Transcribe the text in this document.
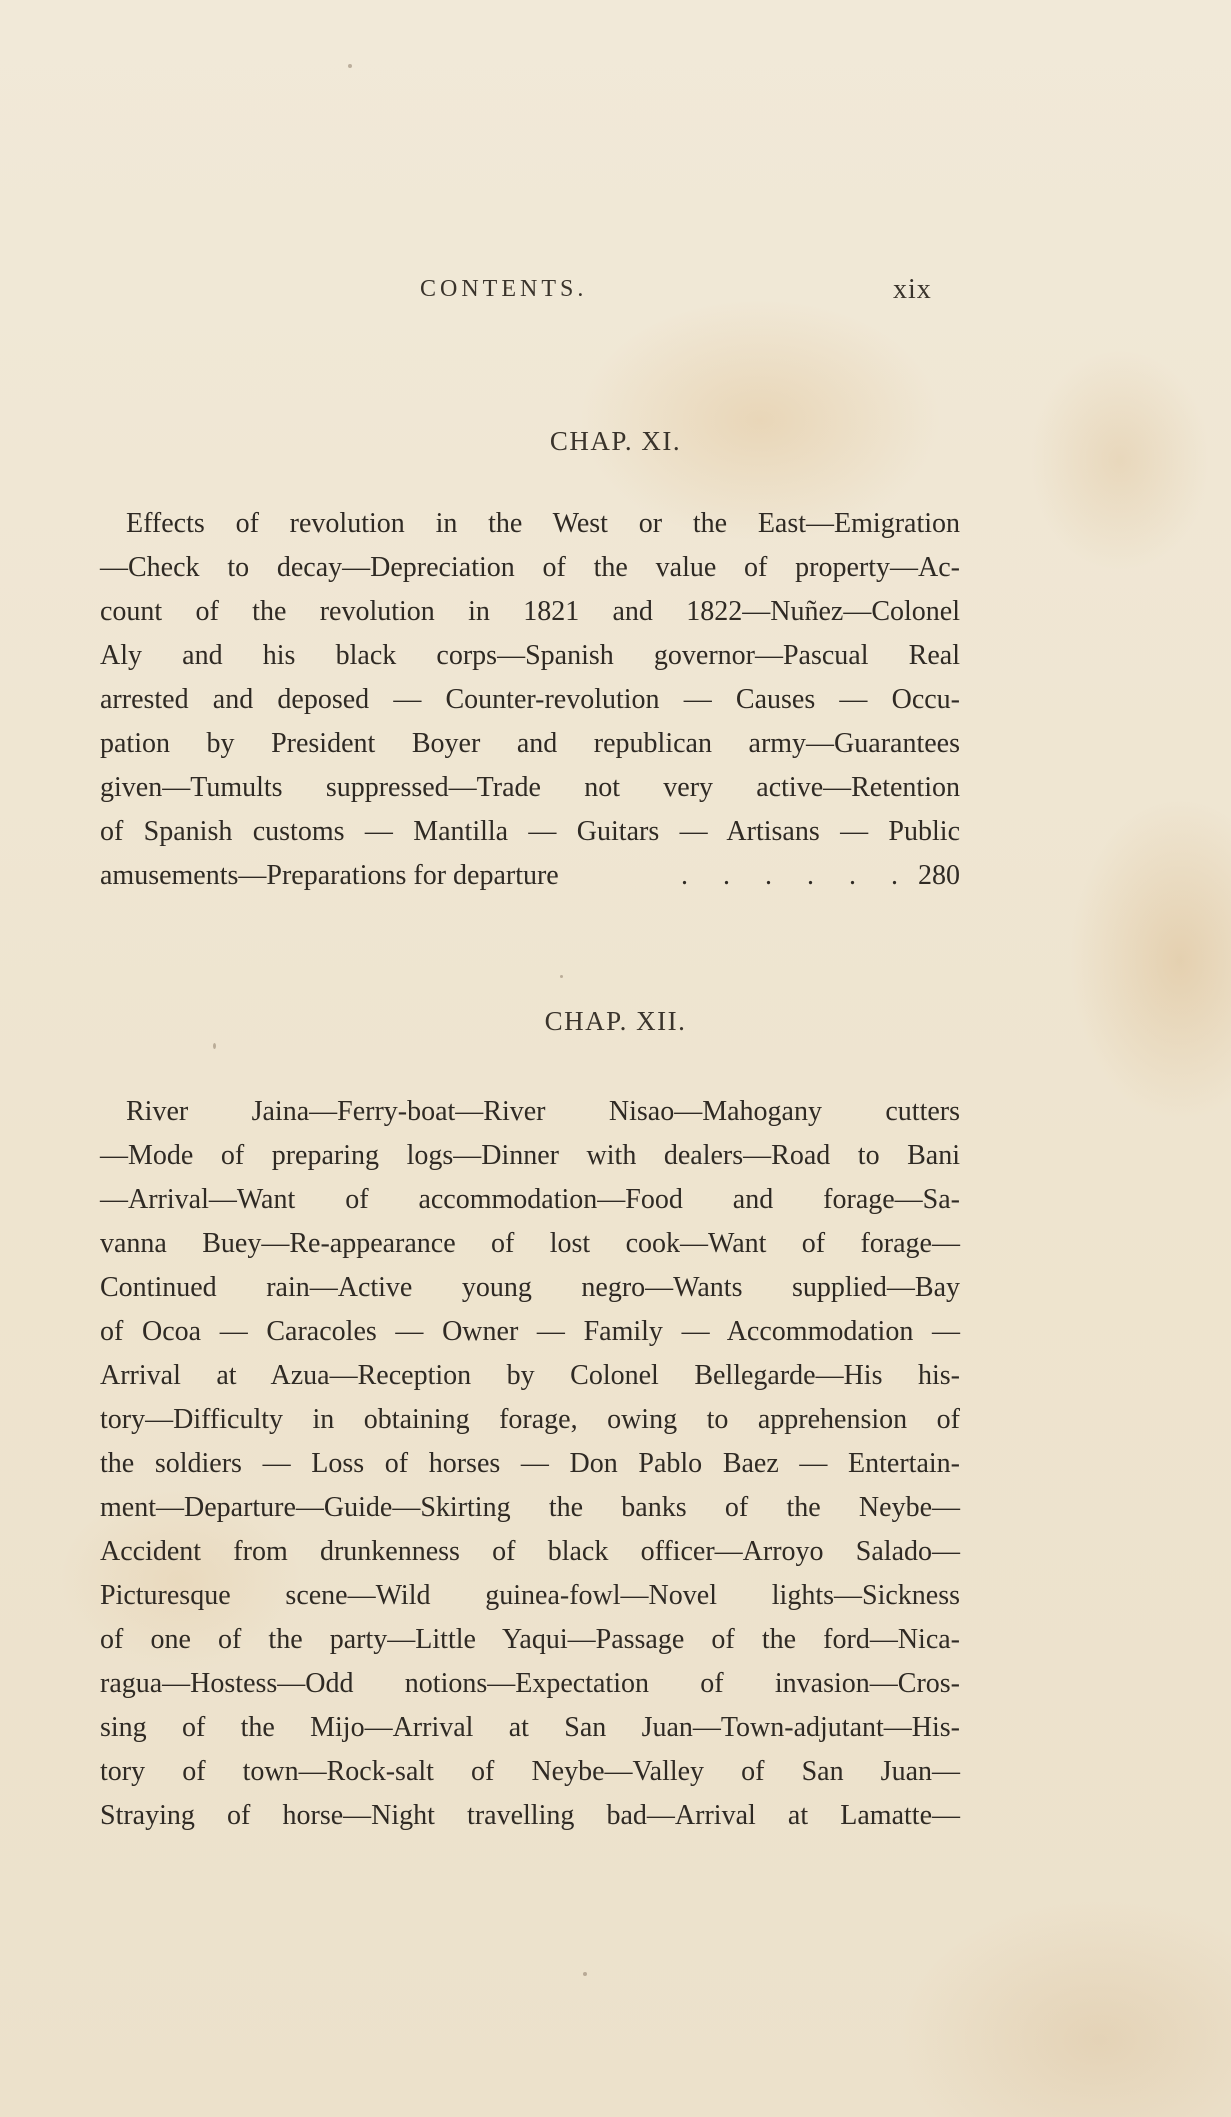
CONTENTS.	xix
CHAP. XI.
Effects of revolution in the West or the East—Emigration
—Check to decay—Depreciation of the value of property—Ac-
count of the revolution in 1821 and 1822—Nuñez—Colonel
Aly and his black corps—Spanish governor—Pascual Real
arrested and deposed — Counter-revolution — Causes — Occu-
pation by President Boyer and republican army—Guarantees
given—Tumults suppressed—Trade not very active—Retention
of Spanish customs — Mantilla — Guitars — Artisans — Public
amusements—Preparations for departure	. . . . . . 280
CHAP. XII.
River Jaina—Ferry-boat—River Nisao—Mahogany cutters
—Mode of preparing logs—Dinner with dealers—Road to Bani
—Arrival—Want of accommodation—Food and forage—Sa-
vanna Buey—Re-appearance of lost cook—Want of forage—
Continued rain—Active young negro—Wants supplied—Bay
of Ocoa — Caracoles — Owner — Family — Accommodation —
Arrival at Azua—Reception by Colonel Bellegarde—His his-
tory—Difficulty in obtaining forage, owing to apprehension of
the soldiers — Loss of horses — Don Pablo Baez — Entertain-
ment—Departure—Guide—Skirting the banks of the Neybe—
Accident from drunkenness of black officer—Arroyo Salado—
Picturesque scene—Wild guinea-fowl—Novel lights—Sickness
of one of the party—Little Yaqui—Passage of the ford—Nica-
ragua—Hostess—Odd notions—Expectation of invasion—Cros-
sing of the Mijo—Arrival at San Juan—Town-adjutant—His-
tory of town—Rock-salt of Neybe—Valley of San Juan—
Straying of horse—Night travelling bad—Arrival at Lamatte—
